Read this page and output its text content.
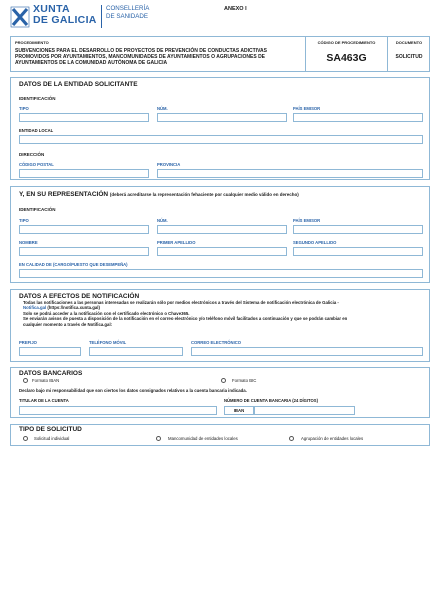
XUNTA
DE GALICIA
CONSELLERÍA
DE SANIDADE
ANEXO I
PROCEDIMIENTO
SUBVENCIONES PARA EL DESARROLLO DE PROYECTOS DE PREVENCIÓN DE CONDUCTAS ADICTIVAS PROMOVIDOS POR AYUNTAMIENTOS, MANCOMUNIDADES DE AYUNTAMIENTOS O AGRUPACIONES DE AYUNTAMIENTOS DE LA COMUNIDAD AUTÓNOMA DE GALICIA
CÓDIGO DE PROCEDIMIENTO
SA463G
DOCUMENTO
SOLICITUD
DATOS DE LA ENTIDAD SOLICITANTE
IDENTIFICACIÓN
TIPO	NÚM.	PAÍS EMISOR
ENTIDAD LOCAL
DIRECCIÓN
CÓDIGO POSTAL	PROVINCIA
Y, EN SU REPRESENTACIÓN (deberá acreditarse la representación fehaciente por cualquier medio válido en derecho)
IDENTIFICACIÓN
TIPO	NÚM.	PAÍS EMISOR
NOMBRE	PRIMER APELLIDO	SEGUNDO APELLIDO
EN CALIDAD DE (CARGO/PUESTO QUE DESEMPEÑA)
DATOS A EFECTOS DE NOTIFICACIÓN
Todas las notificaciones a las personas interesadas se realizarán sólo por medios electrónicos a través del Sistema de notificación electrónica de Galicia -
Notifica.gal (https://notifica.xunta.gal)
Solo se podrá acceder a la notificación con el certificado electrónico o Chave365.
Se enviarán avisos de puesta a disposición de la notificación en el correo electrónico y/o teléfono móvil facilitados a continuación y que se podrán cambiar en
cualquier momento a través de Notifica.gal:
PREFIJO	TELÉFONO MÓVIL	CORREO ELECTRÓNICO
DATOS BANCARIOS
Formato IBAN	Formato BIC
Declaro bajo mi responsabilidad que son ciertos los datos consignados relativos a la cuenta bancaria indicada.
TITULAR DE LA CUENTA	NÚMERO DE CUENTA BANCARIA (24 DÍGITOS)
IBAN
TIPO DE SOLICITUD
Solicitud individual	Mancomunidad de entidades locales	Agrupación de entidades locales
